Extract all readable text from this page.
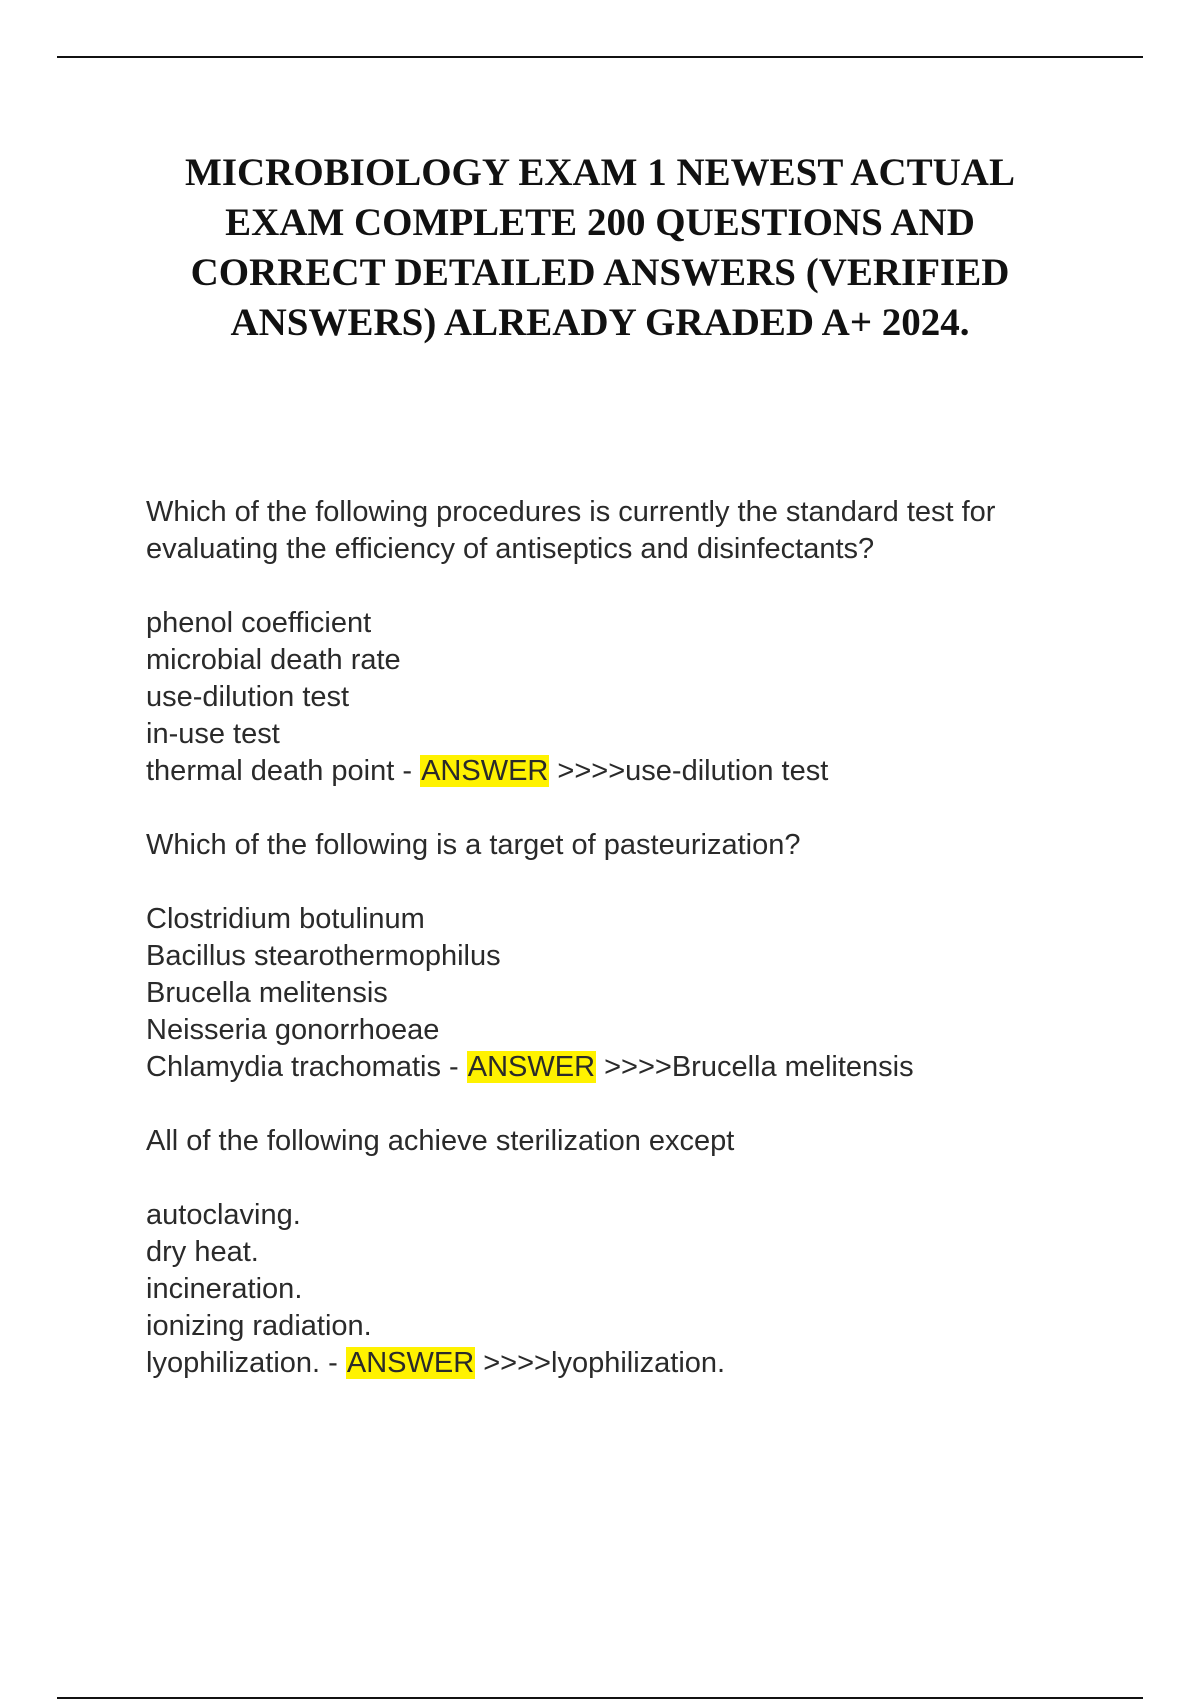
MICROBIOLOGY EXAM 1 NEWEST ACTUAL EXAM COMPLETE 200 QUESTIONS AND CORRECT DETAILED ANSWERS (VERIFIED ANSWERS) ALREADY GRADED A+ 2024.

Which of the following procedures is currently the standard test for evaluating the efficiency of antiseptics and disinfectants?

phenol coefficient
microbial death rate
use-dilution test
in-use test
thermal death point - ANSWER >>>>use-dilution test

Which of the following is a target of pasteurization?

Clostridium botulinum
Bacillus stearothermophilus
Brucella melitensis
Neisseria gonorrhoeae
Chlamydia trachomatis - ANSWER >>>>Brucella melitensis

All of the following achieve sterilization except

autoclaving.
dry heat.
incineration.
ionizing radiation.
lyophilization. - ANSWER >>>>lyophilization.
